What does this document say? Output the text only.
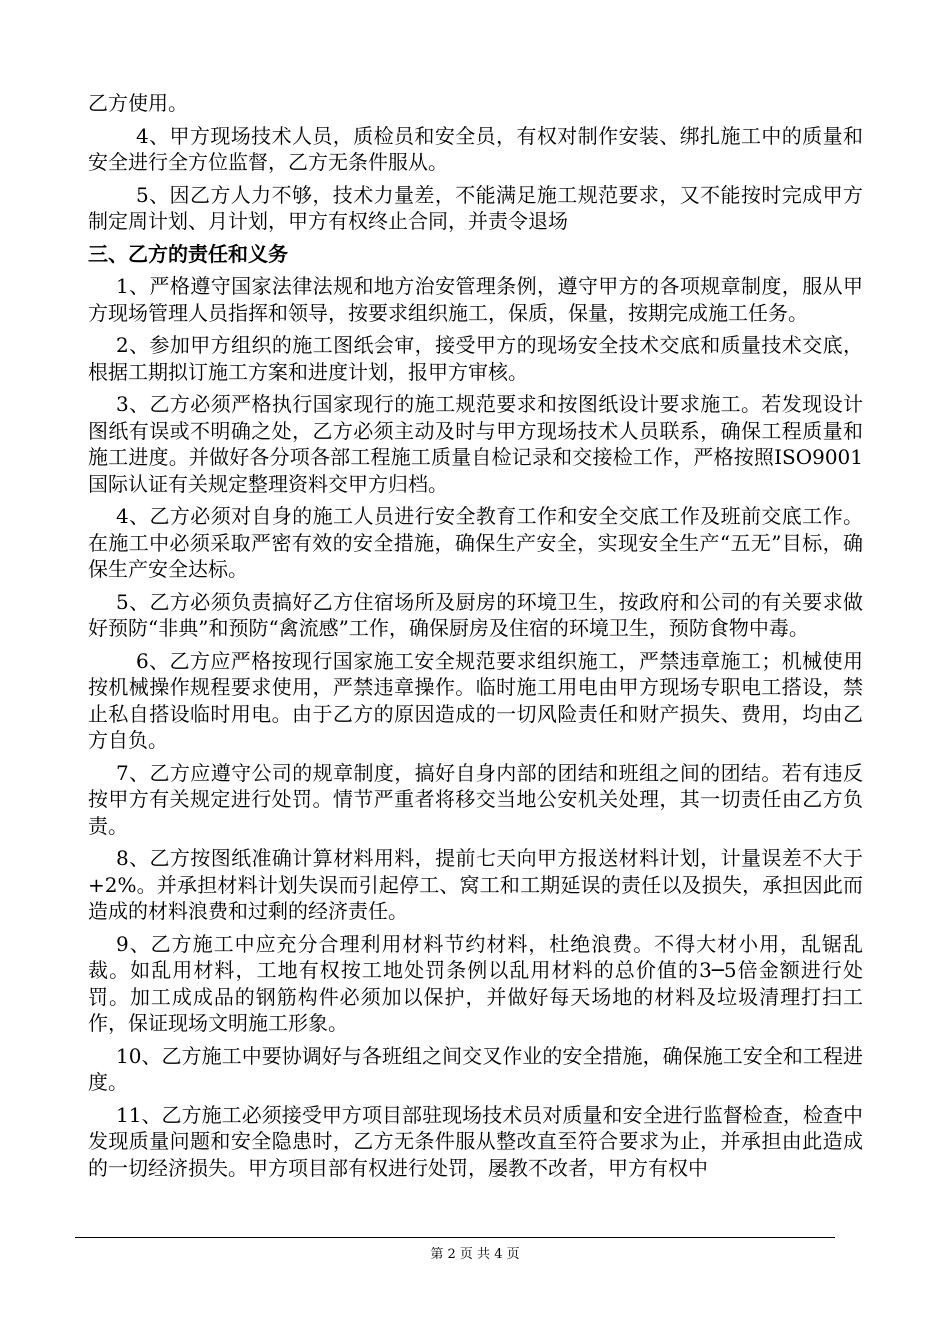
乙方使用。

4、甲方现场技术人员，质检员和安全员，有权对制作安装、绑扎施工中的质量和安全进行全方位监督，乙方无条件服从。

5、因乙方人力不够，技术力量差，不能满足施工规范要求，又不能按时完成甲方制定周计划、月计划，甲方有权终止合同，并责令退场

三、乙方的责任和义务

1、严格遵守国家法律法规和地方治安管理条例，遵守甲方的各项规章制度，服从甲方现场管理人员指挥和领导，按要求组织施工，保质，保量，按期完成施工任务。

2、参加甲方组织的施工图纸会审，接受甲方的现场安全技术交底和质量技术交底，根据工期拟订施工方案和进度计划，报甲方审核。

3、乙方必须严格执行国家现行的施工规范要求和按图纸设计要求施工。若发现设计图纸有误或不明确之处，乙方必须主动及时与甲方现场技术人员联系，确保工程质量和施工进度。并做好各分项各部工程施工质量自检记录和交接检工作，严格按照ISO9001国际认证有关规定整理资料交甲方归档。

4、乙方必须对自身的施工人员进行安全教育工作和安全交底工作及班前交底工作。在施工中必须采取严密有效的安全措施，确保生产安全，实现安全生产“五无”目标，确保生产安全达标。

5、乙方必须负责搞好乙方住宿场所及厨房的环境卫生，按政府和公司的有关要求做好预防“非典”和预防“禽流感”工作，确保厨房及住宿的环境卫生，预防食物中毒。

6、乙方应严格按现行国家施工安全规范要求组织施工，严禁违章施工；机械使用按机械操作规程要求使用，严禁违章操作。临时施工用电由甲方现场专职电工搭设，禁止私自搭设临时用电。由于乙方的原因造成的一切风险责任和财产损失、费用，均由乙方自负。

7、乙方应遵守公司的规章制度，搞好自身内部的团结和班组之间的团结。若有违反按甲方有关规定进行处罚。情节严重者将移交当地公安机关处理，其一切责任由乙方负责。

8、乙方按图纸准确计算材料用料，提前七天向甲方报送材料计划，计量误差不大于+2%。并承担材料计划失误而引起停工、窝工和工期延误的责任以及损失，承担因此而造成的材料浪费和过剩的经济责任。

9、乙方施工中应充分合理利用材料节约材料，杜绝浪费。不得大材小用，乱锯乱裁。如乱用材料，工地有权按工地处罚条例以乱用材料的总价值的3─5倍金额进行处罚。加工成成品的钢筋构件必须加以保护，并做好每天场地的材料及垃圾清理打扫工作，保证现场文明施工形象。

10、乙方施工中要协调好与各班组之间交叉作业的安全措施，确保施工安全和工程进度。

11、乙方施工必须接受甲方项目部驻现场技术员对质量和安全进行监督检查，检查中发现质量问题和安全隐患时，乙方无条件服从整改直至符合要求为止，并承担由此造成的一切经济损失。甲方项目部有权进行处罚，屡教不改者，甲方有权中

第 2 页 共 4 页
